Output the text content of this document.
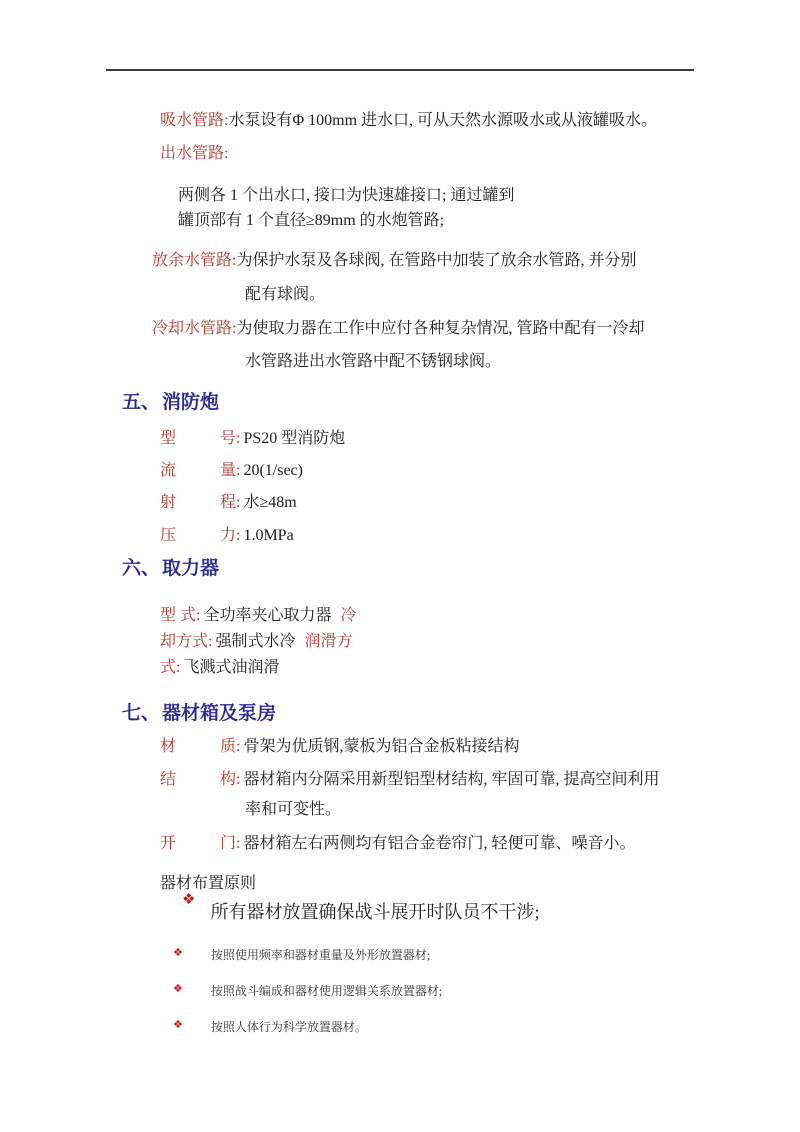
吸水管路:水泵设有Φ 100mm 进水口, 可从天然水源吸水或从液罐吸水。
出水管路:
两侧各 1 个出水口, 接口为快速雄接口; 通过罐到
罐顶部有 1 个直径≥89mm 的水炮管路;
放余水管路:为保护水泵及各球阀, 在管路中加装了放余水管路, 并分别
配有球阀。
冷却水管路:为使取力器在工作中应付各种复杂情况, 管路中配有一冷却
水管路进出水管路中配不锈钢球阀。
五、 消防炮
型	号 : PS20 型消防炮
流	量 : 20(1/sec)
射	程 : 水≥48m
压	力 : 1.0MPa
六、 取力器
型 式: 全功率夹心取力器 冷
却方式: 强制式水冷 润滑方
式: 飞溅式油润滑
七、 器材箱及泵房
材	质 : 骨架为优质钢,蒙板为铝合金板粘接结构
结	构 : 器材箱内分隔采用新型铝型材结构, 牢固可靠, 提高空间利用
率和可变性。
开	门 : 器材箱左右两侧均有铝合金卷帘门, 轻便可靠、噪音小。
器材布置原则
❖
所有器材放置确保战斗展开时队员不干涉;
❖ 按照使用频率和器材重量及外形放置器材;
❖ 按照战斗编成和器材使用逻辑关系放置器材;
❖ 按照人体行为科学放置器材。
